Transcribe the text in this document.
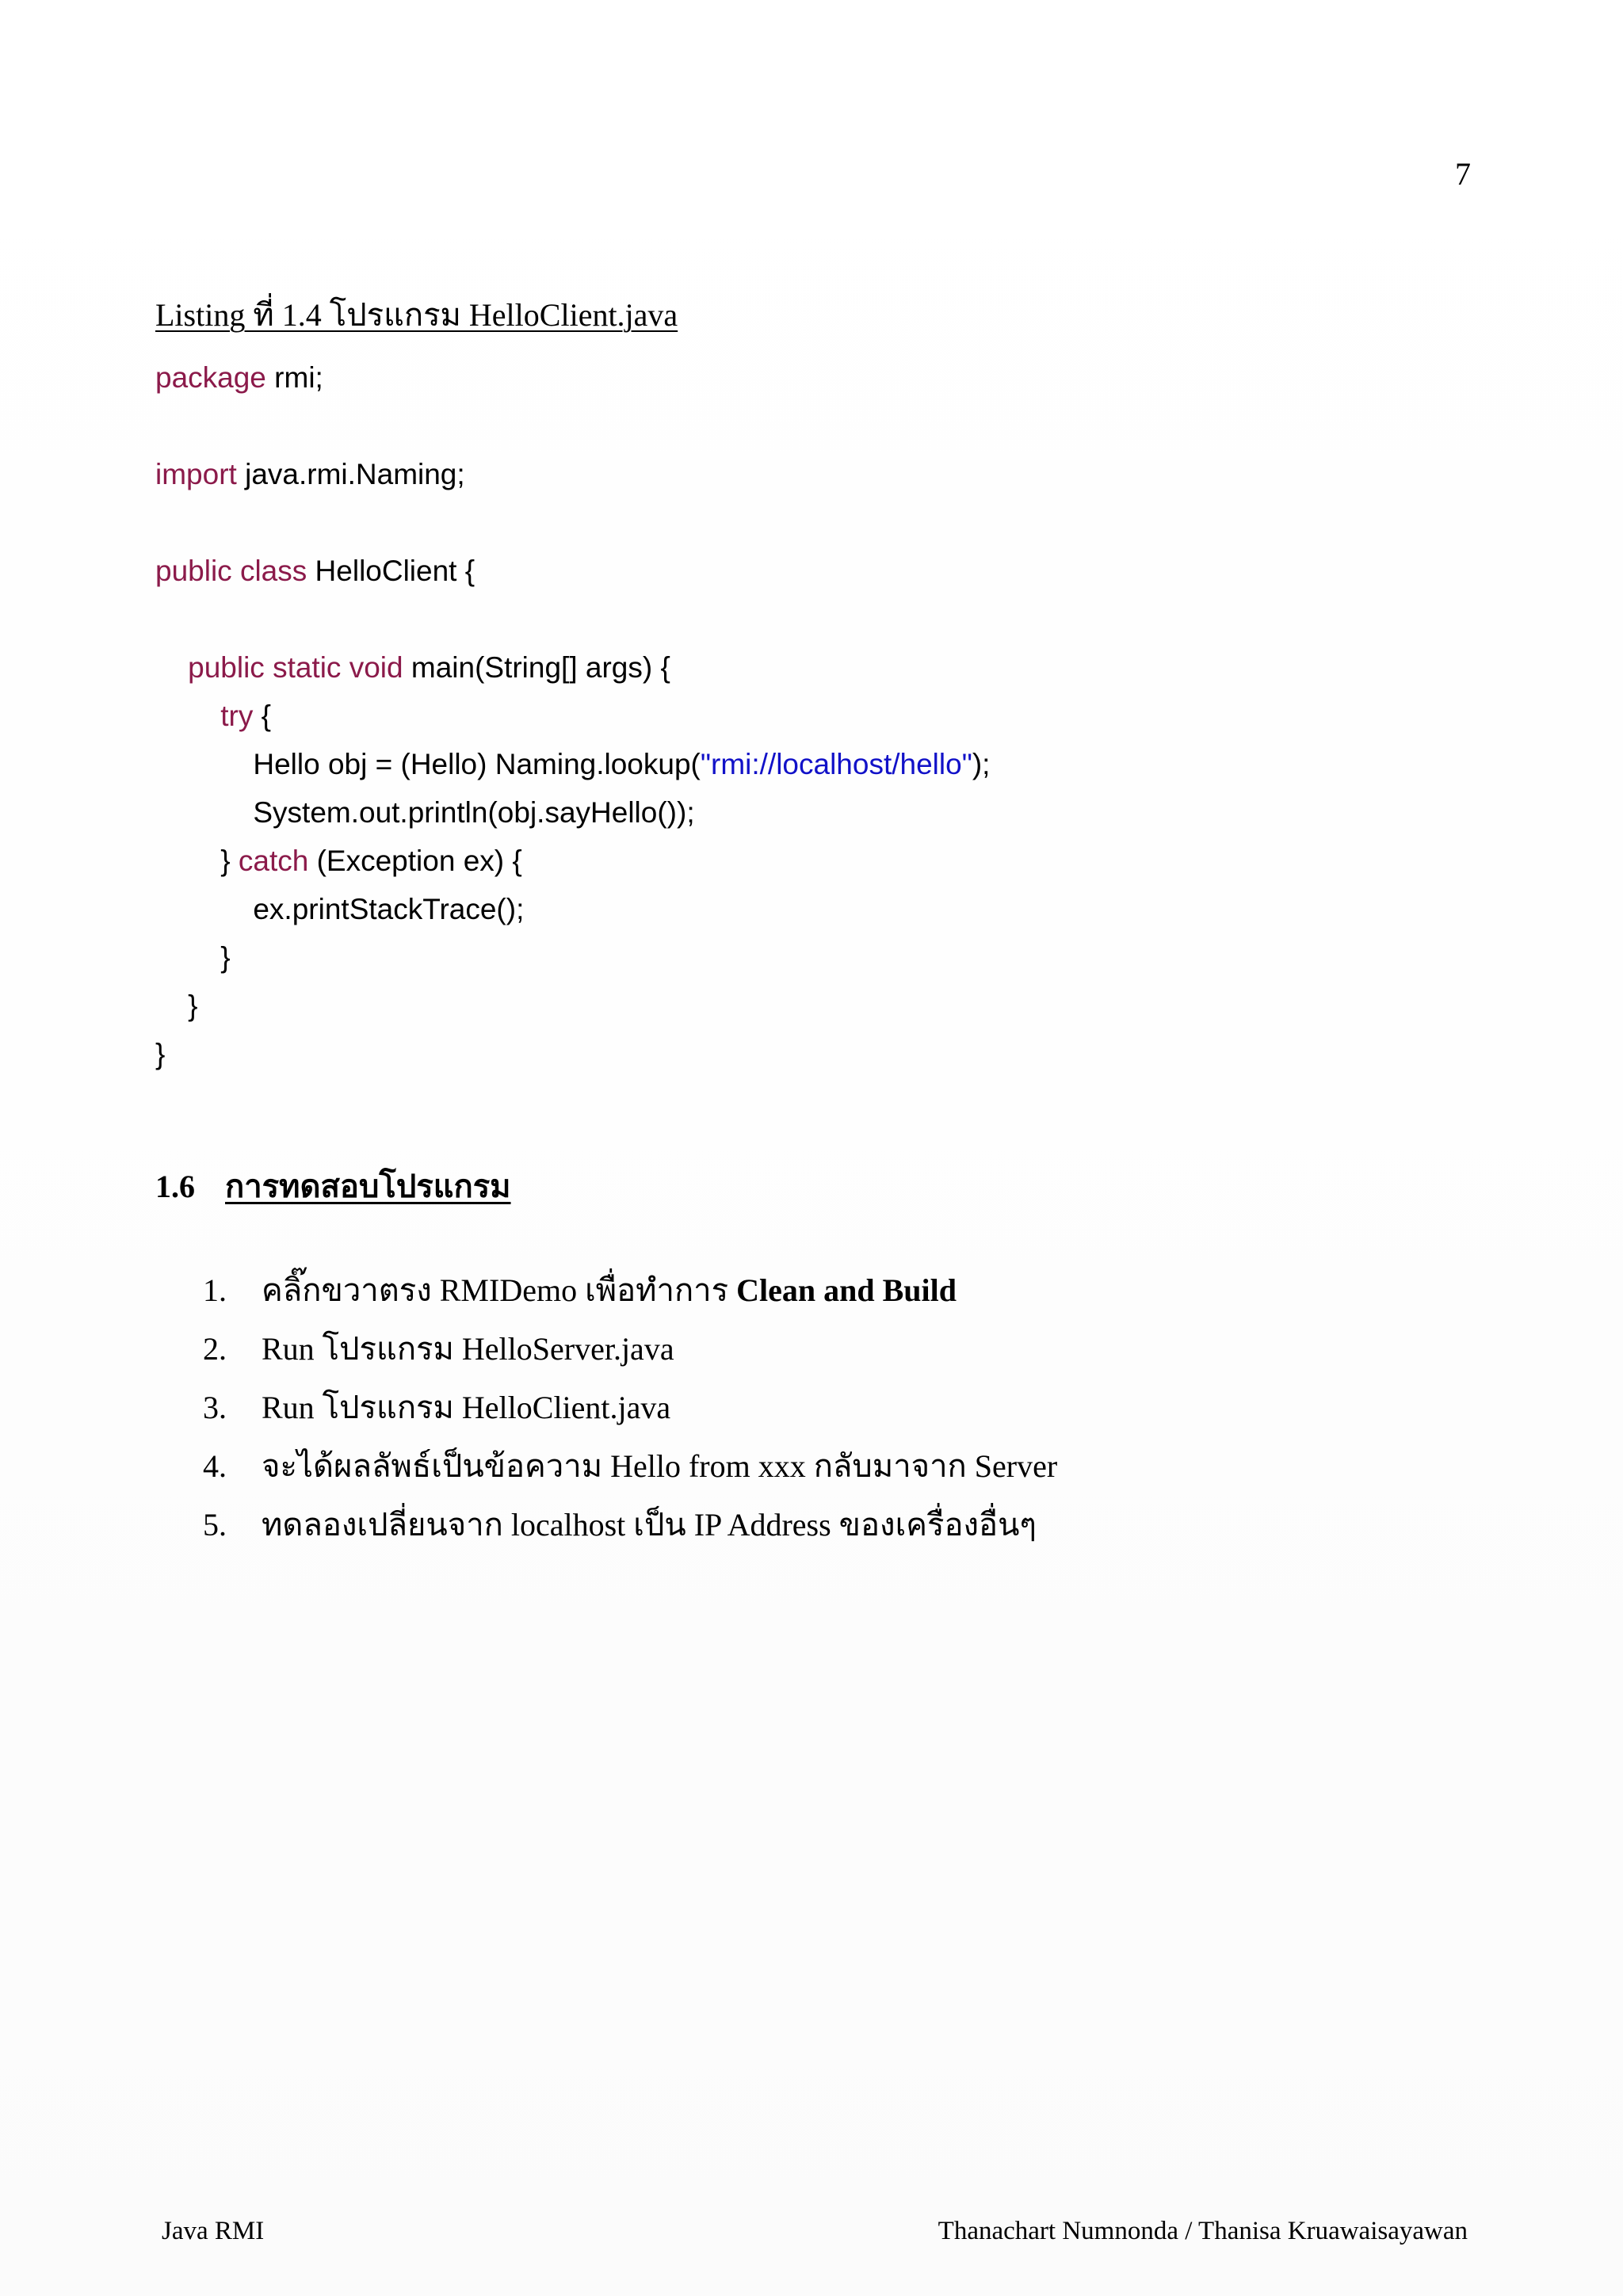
7
Listing ที่ 1.4 โปรแกรม HelloClient.java
package rmi;
import java.rmi.Naming;
public class HelloClient {
public static void main(String[] args) {
try {
Hello obj = (Hello) Naming.lookup("rmi://localhost/hello");
System.out.println(obj.sayHello());
} catch (Exception ex) {
ex.printStackTrace();
}
}
}
1.6 การทดสอบโปรแกรม
1. คลิ๊กขวาตรง RMIDemo เพื่อทำการ Clean and Build
2. Run โปรแกรม HelloServer.java
3. Run โปรแกรม HelloClient.java
4. จะได้ผลลัพธ์เป็นข้อความ Hello from xxx กลับมาจาก Server
5. ทดลองเปลี่ยนจาก localhost เป็น IP Address ของเครื่องอื่นๆ
Java RMI	Thanachart Numnonda / Thanisa Kruawaisayawan
